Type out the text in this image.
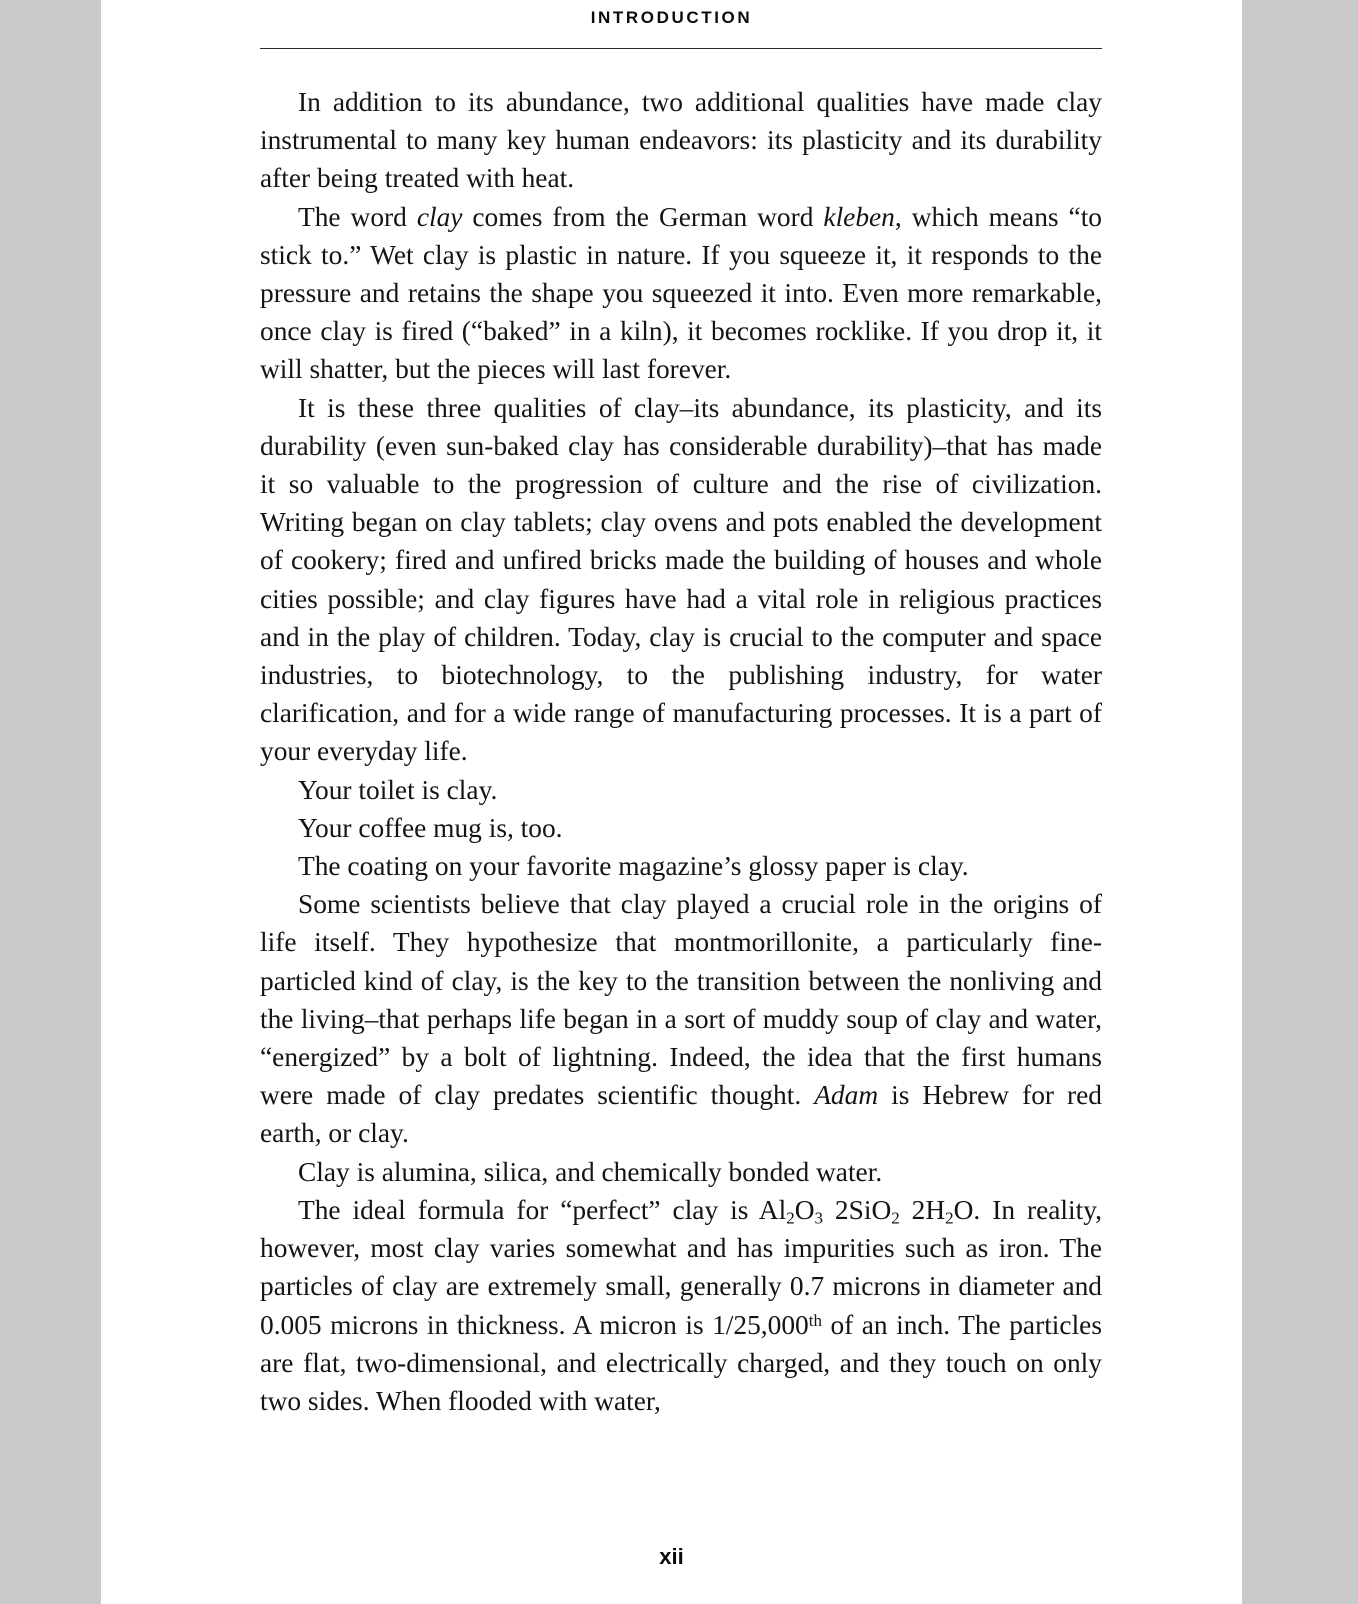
INTRODUCTION

In addition to its abundance, two additional qualities have made clay instrumental to many key human endeavors: its plasticity and its durability after being treated with heat.

The word clay comes from the German word kleben, which means “to stick to.” Wet clay is plastic in nature. If you squeeze it, it responds to the pressure and retains the shape you squeezed it into. Even more remarkable, once clay is fired (“baked” in a kiln), it becomes rocklike. If you drop it, it will shatter, but the pieces will last forever.

It is these three qualities of clay–its abundance, its plasticity, and its durability (even sun-baked clay has considerable durability)–that has made it so valuable to the progression of culture and the rise of civilization. Writing began on clay tablets; clay ovens and pots enabled the development of cookery; fired and unfired bricks made the building of houses and whole cities possible; and clay figures have had a vital role in religious practices and in the play of children. Today, clay is crucial to the computer and space industries, to biotechnology, to the publishing industry, for water clarification, and for a wide range of manufacturing processes. It is a part of your everyday life.

Your toilet is clay.

Your coffee mug is, too.

The coating on your favorite magazine’s glossy paper is clay.

Some scientists believe that clay played a crucial role in the origins of life itself. They hypothesize that montmorillonite, a particularly fine-particled kind of clay, is the key to the transition between the nonliving and the living–that perhaps life began in a sort of muddy soup of clay and water, “energized” by a bolt of lightning. Indeed, the idea that the first humans were made of clay predates scientific thought. Adam is Hebrew for red earth, or clay.

Clay is alumina, silica, and chemically bonded water.

The ideal formula for “perfect” clay is $Al_2O_3$ 2SiO$_2$ $2H_2O$. In reality, however, most clay varies somewhat and has impurities such as iron. The particles of clay are extremely small, generally 0.7 microns in diameter and 0.005 microns in thickness. A micron is 1/25,000th of an inch. The particles are flat, two-dimensional, and electrically charged, and they touch on only two sides. When flooded with water,

xii
